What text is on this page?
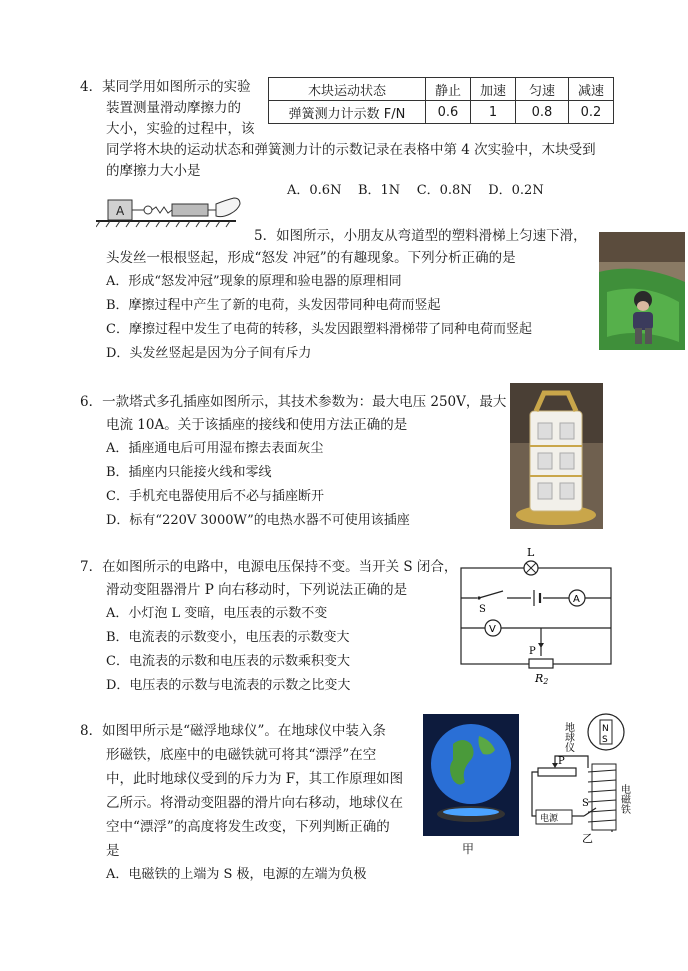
4．某同学用如图所示的实验
装置测量滑动摩擦力的
大小，实验的过程中，该
同学将木块的运动状态和弹簧测力计的示数记录在表格中第 4 次实验中，木块受到
的摩擦力大小是
木块运动状态	静止	加速	匀速	减速
弹簧测力计示数 F/N	0.6	1	0.8	0.2
A
A．0.6N    B．1N    C．0.8N    D．0.2N
5．如图所示，小朋友从弯道型的塑料滑梯上匀速下滑，
头发丝一根根竖起，形成“怒发 冲冠”的有趣现象。下列分析正确的是
A．形成“怒发冲冠”现象的原理和验电器的原理相同
B．摩擦过程中产生了新的电荷，头发因带同种电荷而竖起
C．摩擦过程中发生了电荷的转移，头发因跟塑料滑梯带了同种电荷而竖起
D．头发丝竖起是因为分子间有斥力
6．一款塔式多孔插座如图所示，其技术参数为：最大电压 250V，最大
电流 10A。关于该插座的接线和使用方法正确的是
A．插座通电后可用湿布擦去表面灰尘
B．插座内只能接火线和零线
C．手机充电器使用后不必与插座断开
D．标有“220V 3000W”的电热水器不可使用该插座
7．在如图所示的电路中，电源电压保持不变。当开关 S 闭合，
滑动变阻器滑片 P 向右移动时，下列说法正确的是
A．小灯泡 L 变暗，电压表的示数不变
B．电流表的示数变小，电压表的示数变大
C．电流表的示数和电压表的示数乘积变大
D．电压表的示数与电流表的示数之比变大
L
S
A
V
P
R2
8．如图甲所示是“磁浮地球仪”。在地球仪中装入条
形磁铁，底座中的电磁铁就可将其“漂浮”在空
中，此时地球仪受到的斥力为 F，其工作原理如图
乙所示。将滑动变阻器的滑片向右移动，地球仪在
空中“漂浮”的高度将发生改变，下列判断正确的
是
A．电磁铁的上端为 S 极，电源的左端为负极
甲
地球仪	N
S
P
S
电源
电磁铁
乙
